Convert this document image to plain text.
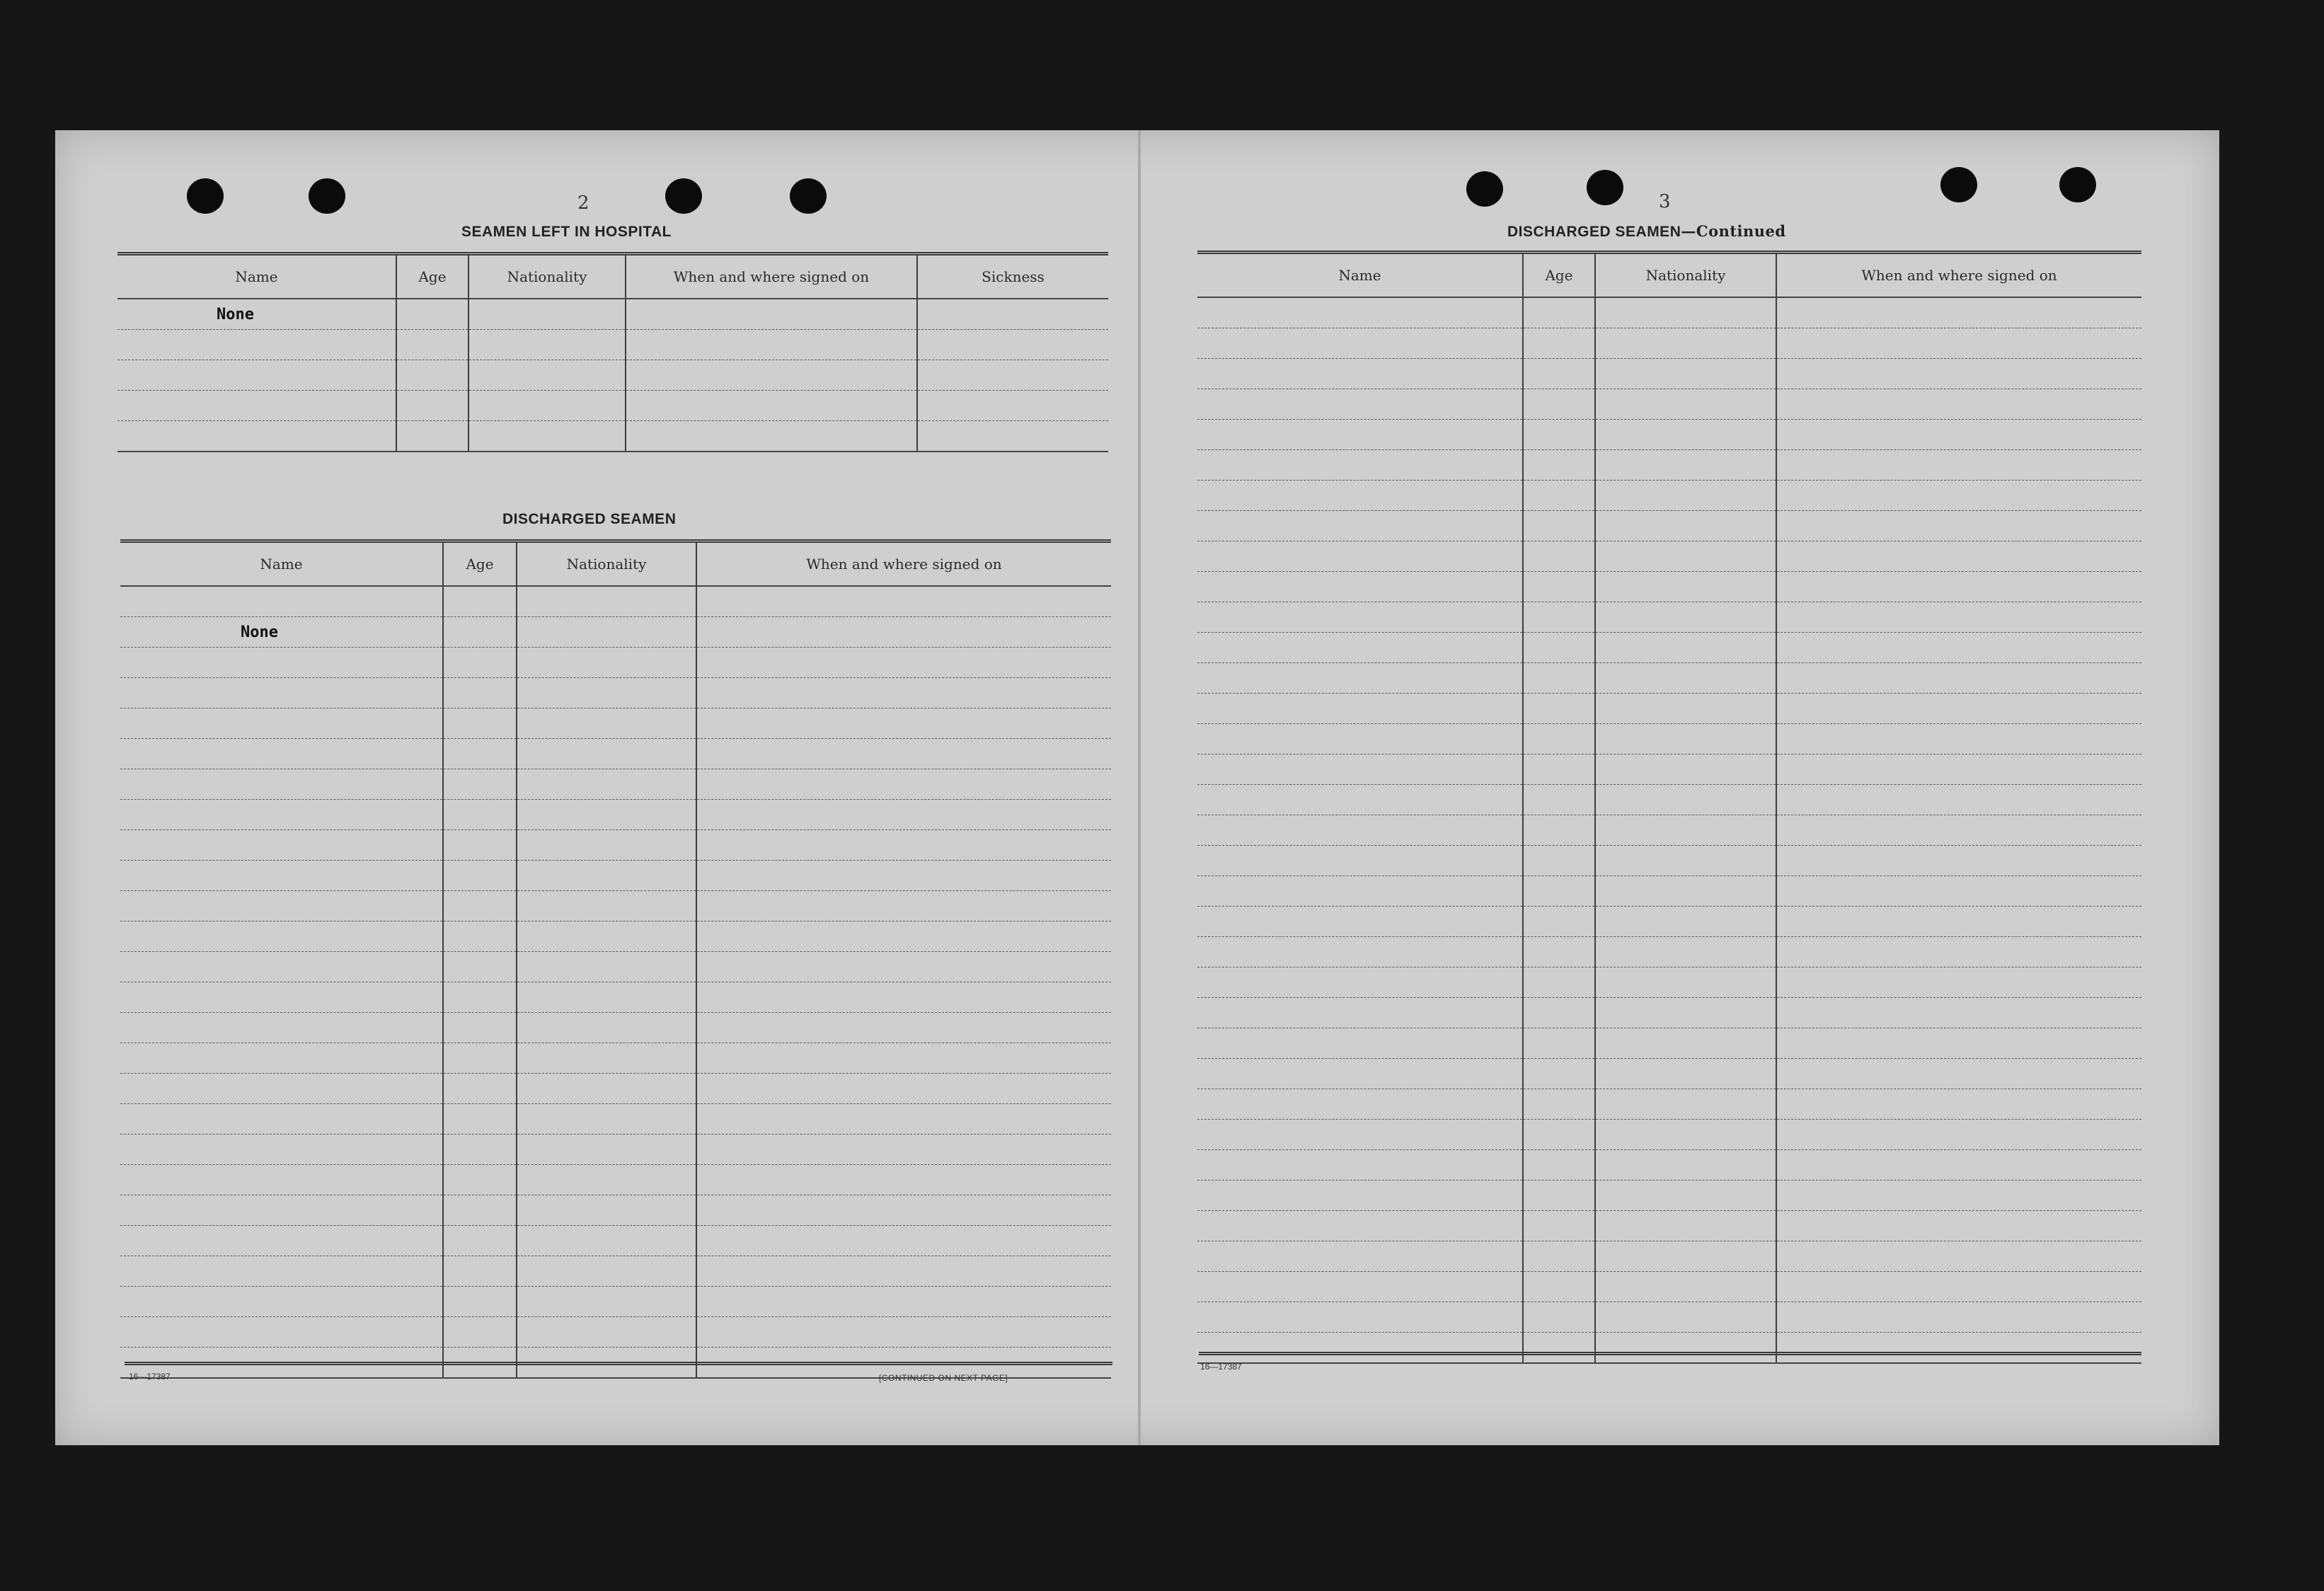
2
SEAMEN LEFT IN HOSPITAL
Name	Age	Nationality	When and where signed on	Sickness
None				

DISCHARGED SEAMEN
Name	Age	Nationality	When and where signed on

None			

16—17387	[CONTINUED ON NEXT PAGE]
3
DISCHARGED SEAMEN—Continued
Name	Age	Nationality	When and where signed on

16—17387
